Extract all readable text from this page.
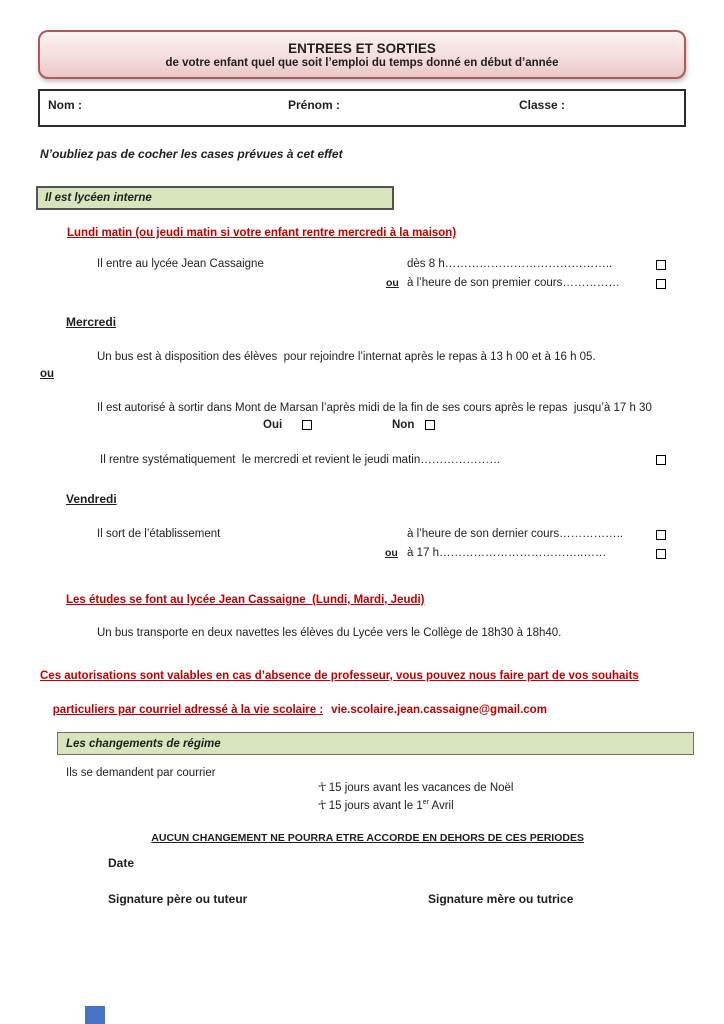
ENTREES ET SORTIES
de votre enfant quel que soit l’emploi du temps donné en début d’année
Nom :	Prénom :	Classe :
N’oubliez pas de cocher les cases prévues à cet effet
Il est lycéen interne
Lundi matin (ou jeudi matin si votre enfant rentre mercredi à la maison)
Il entre au lycée Jean Cassaigne	dès 8 h……………………………………..
ou à l’heure de son premier cours……………
Mercredi
Un bus est à disposition des élèves  pour rejoindre l’internat après le repas à 13 h 00 et à 16 h 05.
ou
Il est autorisé à sortir dans Mont de Marsan l’après midi de la fin de ses cours après le repas  jusqu’à 17 h 30
Oui	Non
Il rentre systématiquement  le mercredi et revient le jeudi matin…………………
Vendredi
Il sort de l’établissement	à l’heure de son dernier cours……………..
ou à 17 h………………………………..……
Les études se font au lycée Jean Cassaigne  (Lundi, Mardi, Jeudi)
Un bus transporte en deux navettes les élèves du Lycée vers le Collège de 18h30 à 18h40.
Ces autorisations sont valables en cas d’absence de professeur, vous pouvez nous faire part de vos souhaits

particuliers par courriel adressé à la vie scolaire : vie.scolaire.jean.cassaigne@gmail.com

Les changements de régime
Ils se demandent par courrier

☥15 jours avant les vacances de Noël

☥15 jours avant le 1er Avril

AUCUN CHANGEMENT NE POURRA ETRE ACCORDE EN DEHORS DE CES PERIODES

Date
Signature père ou tuteur	Signature mère ou tutrice
